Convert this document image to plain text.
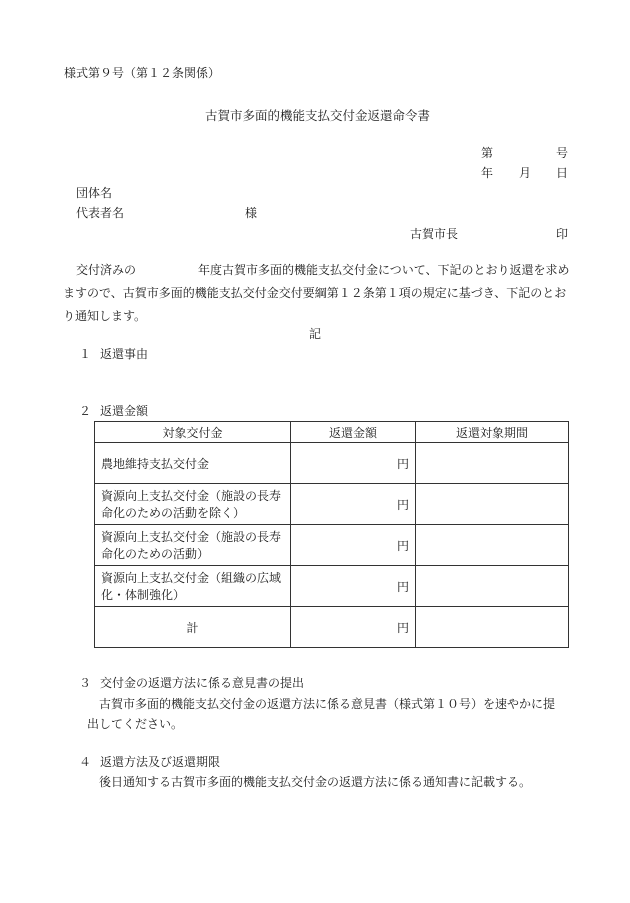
様式第９号（第１２条関係）
古賀市多面的機能支払交付金返還命令書
第	号
年 月 日
団体名
代表者名	様
古賀市長	印
交付済みの	年度古賀市多面的機能支払交付金について、下記のとおり返還を求めますので、古賀市多面的機能支払交付金交付要綱第１２条第１項の規定に基づき、下記のとおり通知します。
記
１ 返還事由
２ 返還金額
対象交付金	返還金額	返還対象期間

農地維持支払交付金	円	

資源向上支払交付金（施設の長寿
命化のための活動を除く）	円	

資源向上支払交付金（施設の長寿
命化のための活動）	円	

資源向上支払交付金（組織の広域
化・体制強化）	円	
計	円	
３ 交付金の返還方法に係る意見書の提出
古賀市多面的機能支払交付金の返還方法に係る意見書（様式第１０号）を速やかに提
出してください。
４ 返還方法及び返還期限
後日通知する古賀市多面的機能支払交付金の返還方法に係る通知書に記載する。
